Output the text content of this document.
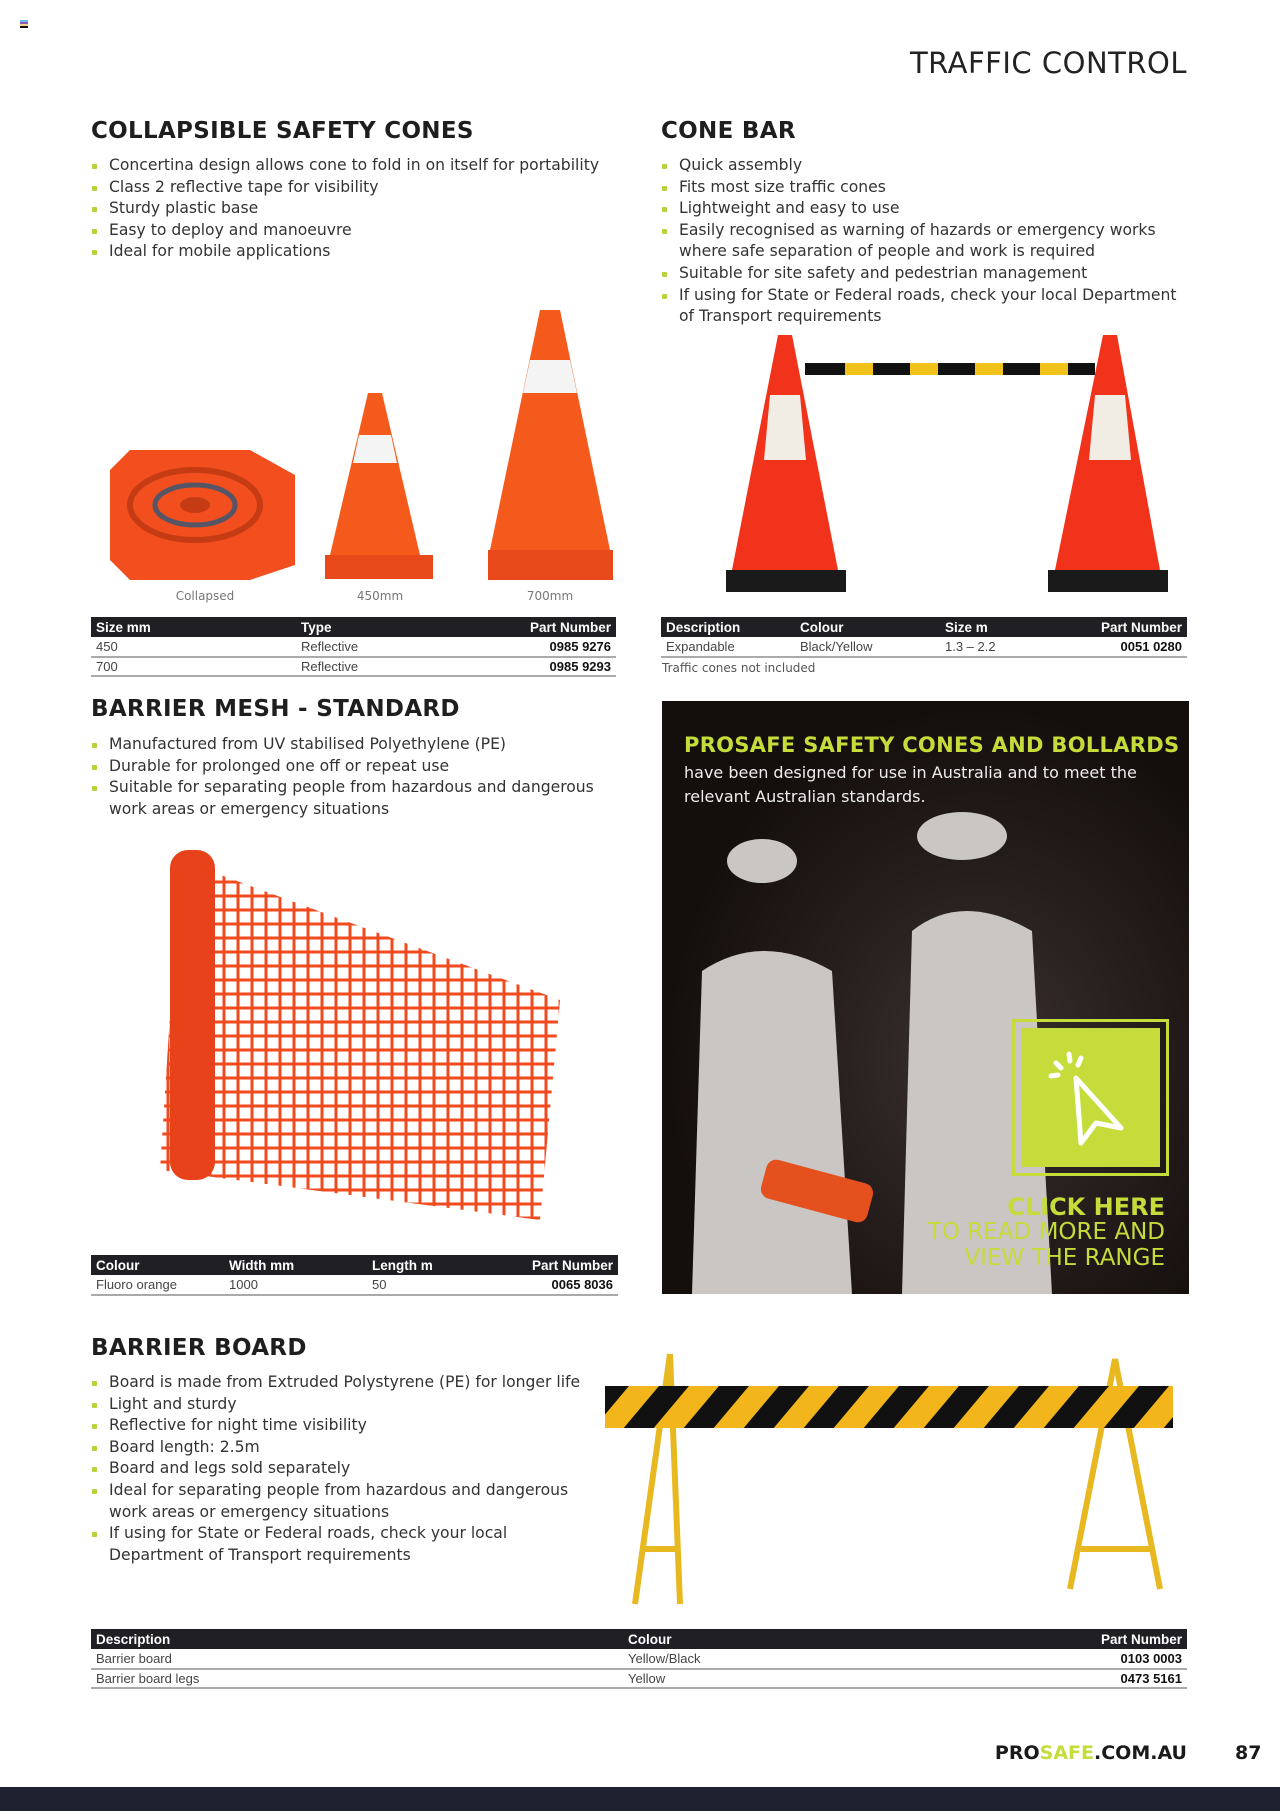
TRAFFIC CONTROL
COLLAPSIBLE SAFETY CONES
Concertina design allows cone to fold in on itself for portability
Class 2 reflective tape for visibility
Sturdy plastic base
Easy to deploy and manoeuvre
Ideal for mobile applications
Collapsed	450mm	700mm
Size mm	Type	Part Number
450	Reflective	0985 9276
700	Reflective	0985 9293
CONE BAR
Quick assembly
Fits most size traffic cones
Lightweight and easy to use
Easily recognised as warning of hazards or emergency works where safe separation of people and work is required
Suitable for site safety and pedestrian management
If using for State or Federal roads, check your local Department of Transport requirements
Description	Colour	Size m	Part Number
Expandable	Black/Yellow	1.3 – 2.2	0051 0280
Traffic cones not included
BARRIER MESH - STANDARD
Manufactured from UV stabilised Polyethylene (PE)
Durable for prolonged one off or repeat use
Suitable for separating people from hazardous and dangerous work areas or emergency situations
Colour	Width mm	Length m	Part Number
Fluoro orange	1000	50	0065 8036
PROSAFE SAFETY CONES AND BOLLARDS
have been designed for use in Australia and to meet the relevant Australian standards.
CLICK HERE
TO READ MORE AND
VIEW THE RANGE
BARRIER BOARD
Board is made from Extruded Polystyrene (PE) for longer life
Light and sturdy
Reflective for night time visibility
Board length: 2.5m
Board and legs sold separately
Ideal for separating people from hazardous and dangerous work areas or emergency situations
If using for State or Federal roads, check your local Department of Transport requirements
Description	Colour	Part Number
Barrier board	Yellow/Black	0103 0003
Barrier board legs	Yellow	0473 5161
PROSAFE.COM.AU	87
